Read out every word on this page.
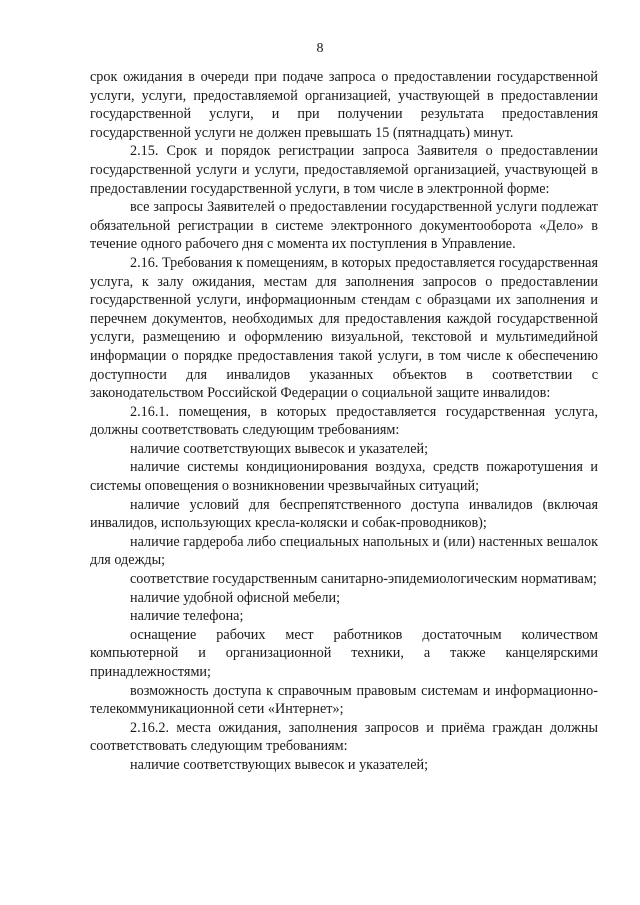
8

срок ожидания в очереди при подаче запроса о предоставлении государственной услуги, услуги, предоставляемой организацией, участвующей в предоставлении государственной услуги, и при получении результата предоставления государственной услуги не должен превышать 15 (пятнадцать) минут.

2.15. Срок и порядок регистрации запроса Заявителя о предоставлении государственной услуги и услуги, предоставляемой организацией, участвующей в предоставлении государственной услуги, в том числе в электронной форме:

все запросы Заявителей о предоставлении государственной услуги подлежат обязательной регистрации в системе электронного документооборота «Дело» в течение одного рабочего дня с момента их поступления в Управление.

2.16. Требования к помещениям, в которых предоставляется государственная услуга, к залу ожидания, местам для заполнения запросов о предоставлении государственной услуги, информационным стендам с образцами их заполнения и перечнем документов, необходимых для предоставления каждой государственной услуги, размещению и оформлению визуальной, текстовой и мультимедийной информации о порядке предоставления такой услуги, в том числе к обеспечению доступности для инвалидов указанных объектов в соответствии с законодательством Российской Федерации о социальной защите инвалидов:

2.16.1. помещения, в которых предоставляется государственная услуга, должны соответствовать следующим требованиям:

наличие соответствующих вывесок и указателей;

наличие системы кондиционирования воздуха, средств пожаротушения и системы оповещения о возникновении чрезвычайных ситуаций;

наличие условий для беспрепятственного доступа инвалидов (включая инвалидов, использующих кресла-коляски и собак-проводников);

наличие гардероба либо специальных напольных и (или) настенных вешалок для одежды;

соответствие государственным санитарно-эпидемиологическим нормативам;

наличие удобной офисной мебели;

наличие телефона;

оснащение рабочих мест работников достаточным количеством компьютерной и организационной техники, а также канцелярскими принадлежностями;

возможность доступа к справочным правовым системам и информационно-телекоммуникационной сети «Интернет»;

2.16.2. места ожидания, заполнения запросов и приёма граждан должны соответствовать следующим требованиям:

наличие соответствующих вывесок и указателей;
